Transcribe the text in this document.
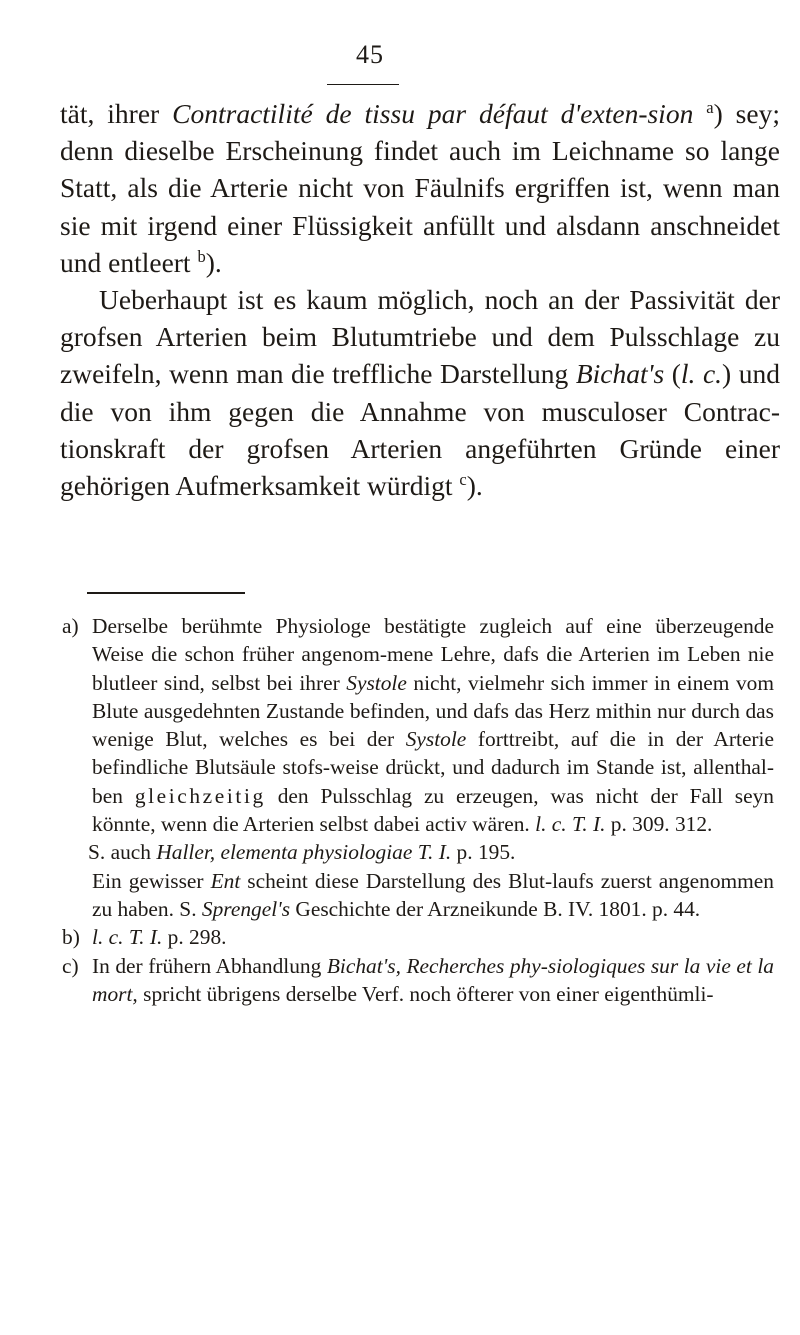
45

tät, ihrer Contractilité de tissu par défaut d'exten-sion $^a$) sey; denn dieselbe Erscheinung findet auch im Leichname so lange Statt, als die Arterie nicht von Fäulnifs ergriffen ist, wenn man sie mit irgend einer Flüssigkeit anfüllt und alsdann anschneidet und entleert $^b$).

Ueberhaupt ist es kaum möglich, noch an der Passivität der grofsen Arterien beim Blutumtriebe und dem Pulsschlage zu zweifeln, wenn man die treffliche Darstellung Bichat's (l. c.) und die von ihm gegen die Annahme von musculoser Contrac-tionskraft der grofsen Arterien angeführten Gründe einer gehörigen Aufmerksamkeit würdigt $^c$).

a) Derselbe berühmte Physiologe bestätigte zugleich auf eine überzeugende Weise die schon früher angenom-mene Lehre, dafs die Arterien im Leben nie blutleer sind, selbst bei ihrer Systole nicht, vielmehr sich immer in einem vom Blute ausgedehnten Zustande befinden, und dafs das Herz mithin nur durch das wenige Blut, welches es bei der Systole forttreibt, auf die in der Arterie befindliche Blutsäule stofs-weise drückt, und dadurch im Stande ist, allenthal-ben gleichzeitig den Pulsschlag zu erzeugen, was nicht der Fall seyn könnte, wenn die Arterien selbst dabei activ wären. l. c. T. I. p. 309. 312.

S. auch Haller, elementa physiologiae T. I. p. 195.

Ein gewisser Ent scheint diese Darstellung des Blut-laufs zuerst angenommen zu haben. S. Sprengel's Geschichte der Arzneikunde B. IV. 1801. p. 44.

b) l. c. T. I. p. 298.

c) In der frühern Abhandlung Bichat's, Recherches phy-siologiques sur la vie et la mort, spricht übrigens derselbe Verf. noch öfterer von einer eigenthümli-
